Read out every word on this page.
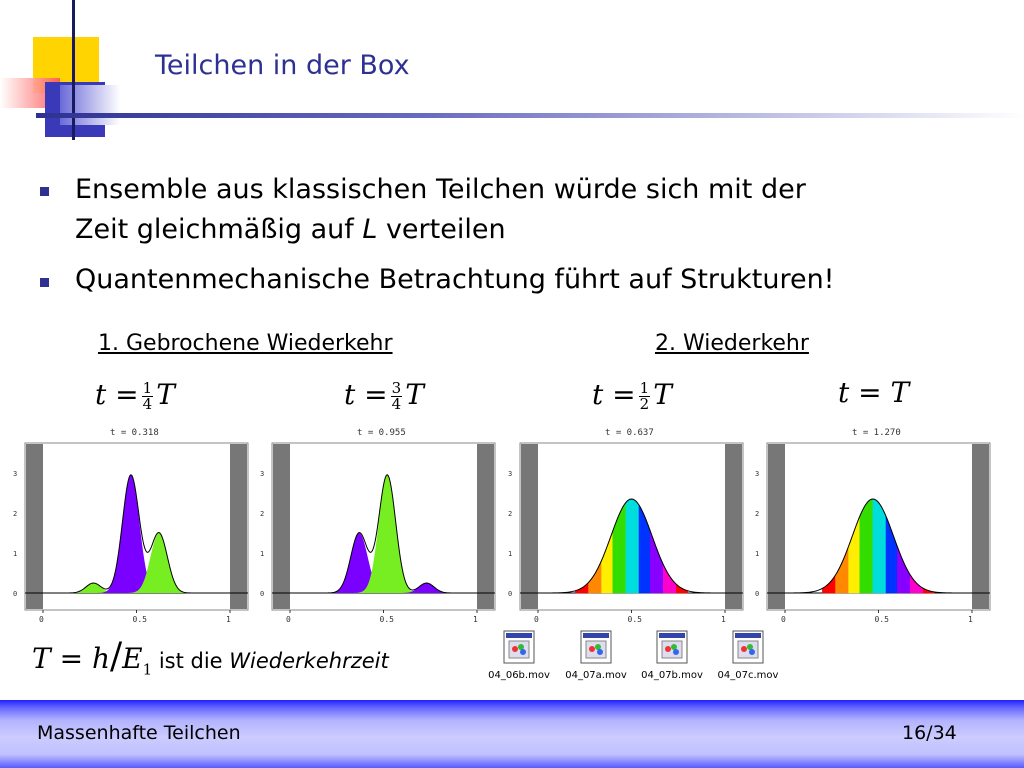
Teilchen in der Box
Ensemble aus klassischen Teilchen würde sich mit der
Zeit gleichmäßig auf L verteilen
Quantenmechanische Betrachtung führt auf Strukturen!
1. Gebrochene Wiederkehr	2. Wiederkehr
$t = \frac{1}{4}$ T	$t = \frac{3}{4}$ T	$t = \frac{1}{2}$ T	t = T
t = 0.318	t = 0.955	t = 0.637	t = 1.270
3
2
1
0
0	0.5	1
3
2
1
0
0	0.5	1
3
2
1
0
0	0.5	1
3
2
1
0
0	0.5	1
$T = h/E_1$ ist die Wiederkehrzeit
04_06b.mov	04_07a.mov	04_07b.mov	04_07c.mov
Massenhafte Teilchen	16/34
